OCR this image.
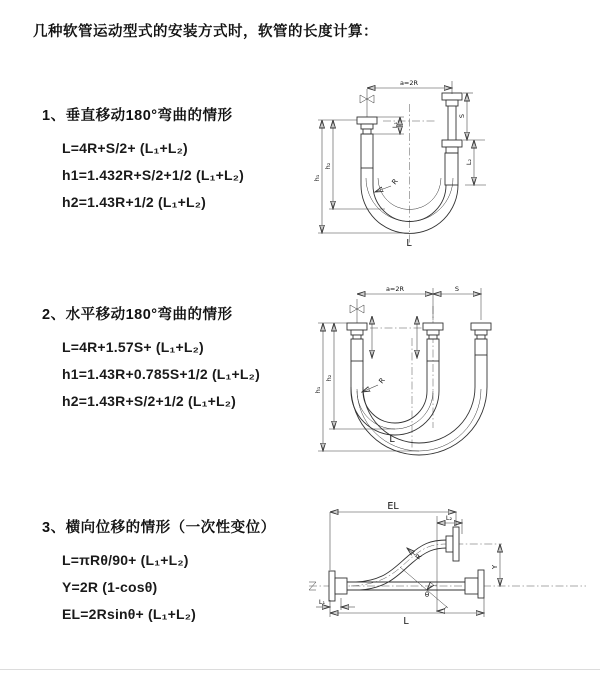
几种软管运动型式的安装方式时，软管的长度计算：
1、垂直移动180°弯曲的情形
L=4R+S/2+ (L₁+L₂)
h1=1.432R+S/2+1/2 (L₁+L₂)
h2=1.43R+1/2 (L₁+L₂)
a=2R
h₁
h₂
S
L₂
L₁
R
L
2、水平移动180°弯曲的情形
L=4R+1.57S+ (L₁+L₂)
h1=1.43R+0.785S+1/2 (L₁+L₂)
h2=1.43R+S/2+1/2 (L₁+L₂)
a=2R	S
h₁
h₂	R
L
3、横向位移的情形（一次性变位）
L=πRθ/90+ (L₁+L₂)
Y=2R (1-cosθ)
EL=2Rsinθ+ (L₁+L₂)
EL
L₂
Y
R
θ
L
L₁
